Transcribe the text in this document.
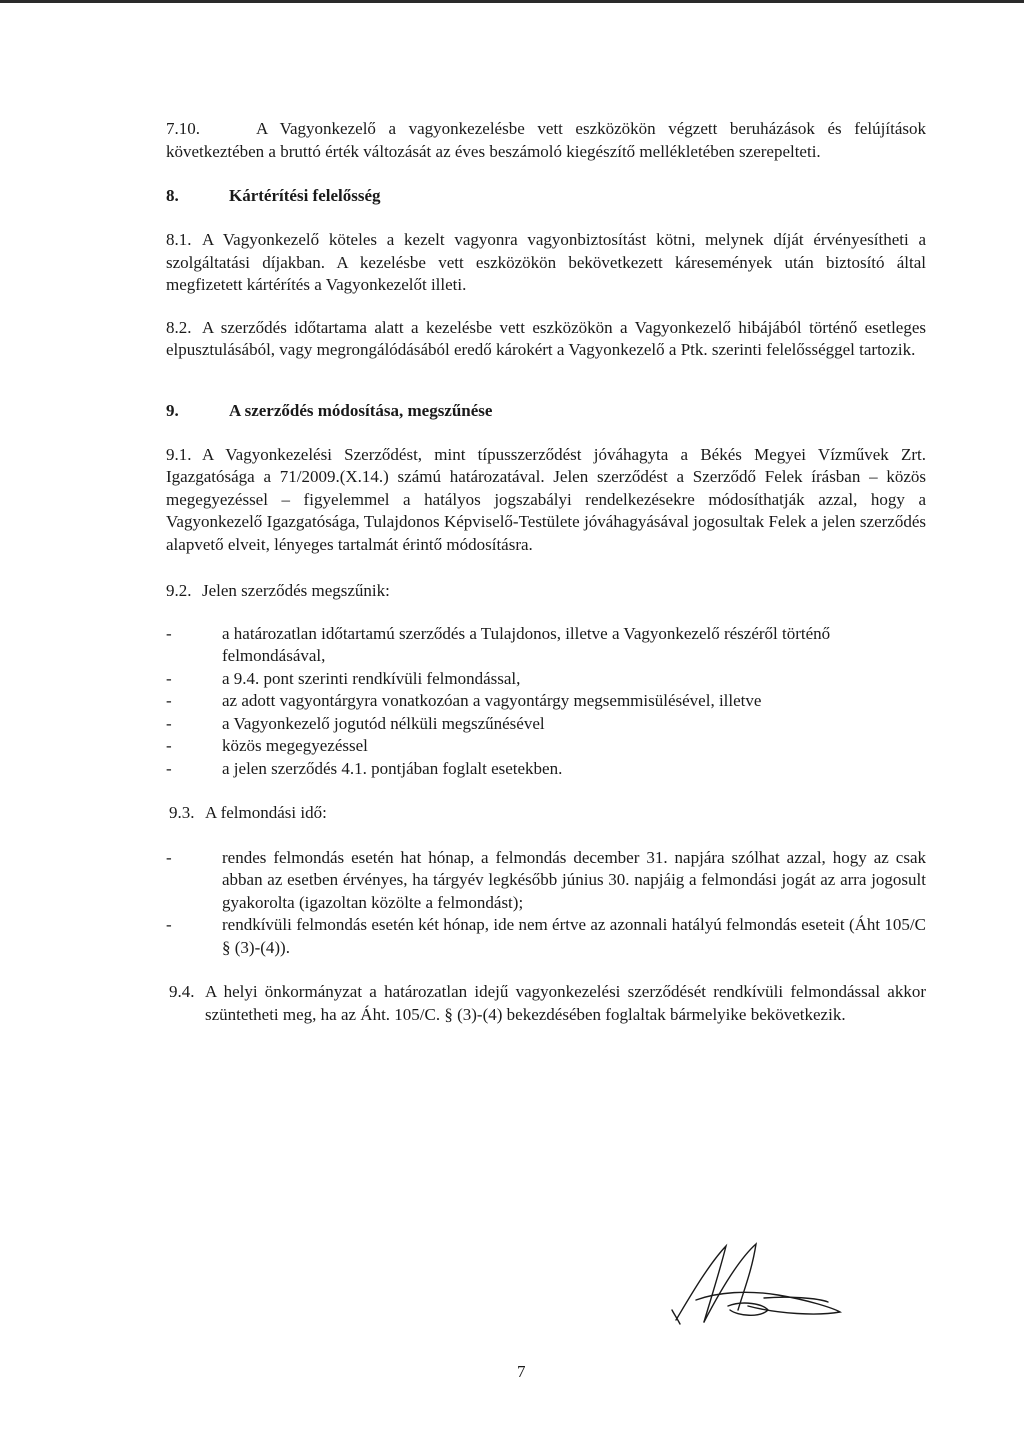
7.10.	A Vagyonkezelő a vagyonkezelésbe vett eszközökön végzett beruházások és felújítások következtében a bruttó érték változását az éves beszámoló kiegészítő mellékletében szerepelteti.
8.	Kártérítési felelősség
8.1. A Vagyonkezelő köteles a kezelt vagyonra vagyonbiztosítást kötni, melynek díját érvényesítheti a szolgáltatási díjakban. A kezelésbe vett eszközökön bekövetkezett káresemények után biztosító által megfizetett kártérítés a Vagyonkezelőt illeti.
8.2. A szerződés időtartama alatt a kezelésbe vett eszközökön a Vagyonkezelő hibájából történő esetleges elpusztulásából, vagy megrongálódásából eredő károkért a Vagyonkezelő a Ptk. szerinti felelősséggel tartozik.
9.	A szerződés módosítása, megszűnése
9.1. A Vagyonkezelési Szerződést, mint típusszerződést jóváhagyta a Békés Megyei Vízművek Zrt. Igazgatósága a 71/2009.(X.14.) számú határozatával. Jelen szerződést a Szerződő Felek írásban – közös megegyezéssel – figyelemmel a hatályos jogszabályi rendelkezésekre módosíthatják azzal, hogy a Vagyonkezelő Igazgatósága, Tulajdonos Képviselő-Testülete jóváhagyásával jogosultak Felek a jelen szerződés alapvető elveit, lényeges tartalmát érintő módosításra.
9.2. Jelen szerződés megszűnik:
-	a határozatlan időtartamú szerződés a Tulajdonos, illetve a Vagyonkezelő részéről történő felmondásával,
-	a 9.4. pont szerinti rendkívüli felmondással,
-	az adott vagyontárgyra vonatkozóan a vagyontárgy megsemmisülésével, illetve
-	a Vagyonkezelő jogutód nélküli megszűnésével
-	közös megegyezéssel
-	a jelen szerződés 4.1. pontjában foglalt esetekben.
9.3. A felmondási idő:
-	rendes felmondás esetén hat hónap, a felmondás december 31. napjára szólhat azzal, hogy az csak abban az esetben érvényes, ha tárgyév legkésőbb június 30. napjáig a felmondási jogát az arra jogosult gyakorolta (igazoltan közölte a felmondást);
-	rendkívüli felmondás esetén két hónap, ide nem értve az azonnali hatályú felmondás eseteit (Áht 105/C § (3)-(4)).
9.4. A helyi önkormányzat a határozatlan idejű vagyonkezelési szerződését rendkívüli felmondással akkor szüntetheti meg, ha az Áht. 105/C. § (3)-(4) bekezdésében foglaltak bármelyike bekövetkezik.
7
